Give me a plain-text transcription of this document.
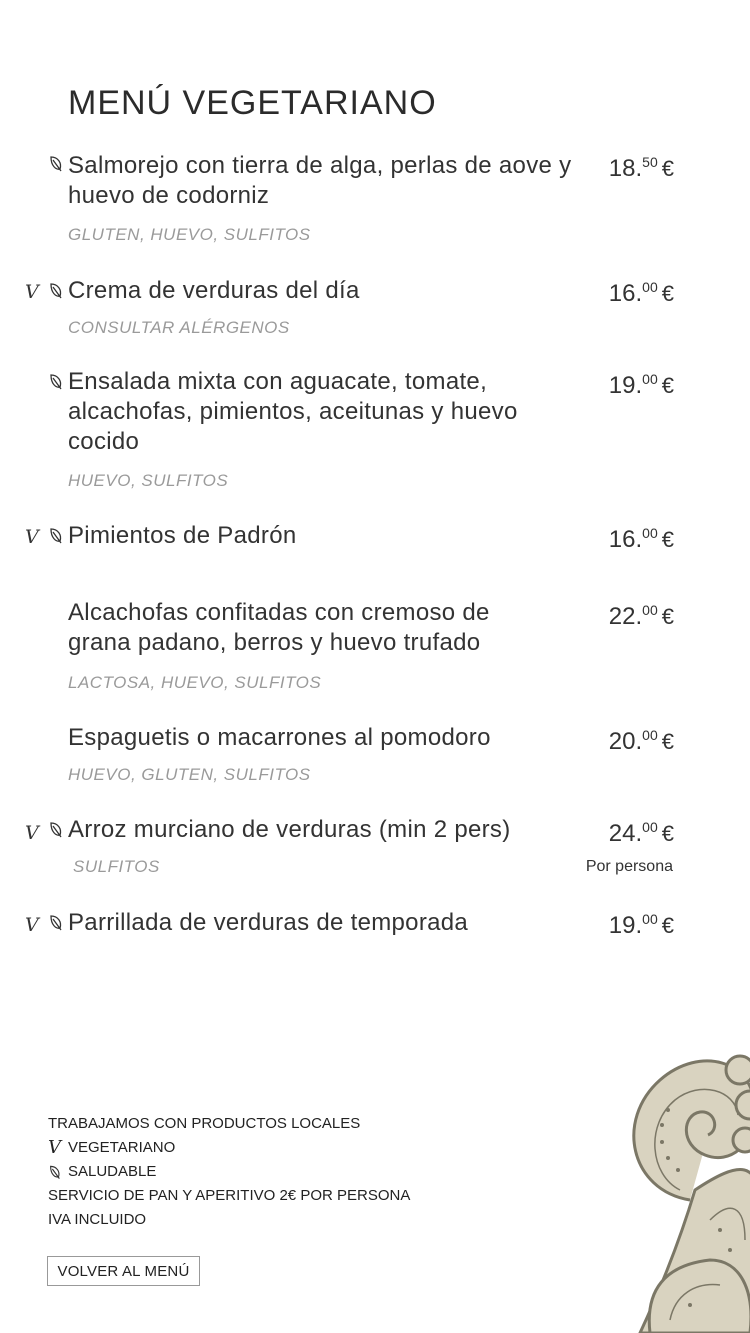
MENÚ VEGETARIANO

Salmorejo con tierra de alga, perlas de aove y huevo de codorniz

18.50 €
GLUTEN, HUEVO, SULFITOS
V Crema de verduras del día	16.00 €
CONSULTAR ALÉRGENOS

Ensalada mixta con aguacate, tomate, alcachofas, pimientos, aceitunas y huevo cocido

19.00 €
HUEVO, SULFITOS
V Pimientos de Padrón	16.00 €

Alcachofas confitadas con cremoso de grana padano, berros y huevo trufado

22.00 €
LACTOSA, HUEVO, SULFITOS

Espaguetis o macarrones al pomodoro	20.00 €
HUEVO, GLUTEN, SULFITOS
V Arroz murciano de verduras (min 2 pers)	24.00 €
SULFITOS	Por persona
V Parrillada de verduras de temporada	19.00 €
TRABAJAMOS CON PRODUCTOS LOCALES
V VEGETARIANO
SALUDABLE
SERVICIO DE PAN Y APERITIVO 2€ POR PERSONA
IVA INCLUIDO
VOLVER AL MENÚ
